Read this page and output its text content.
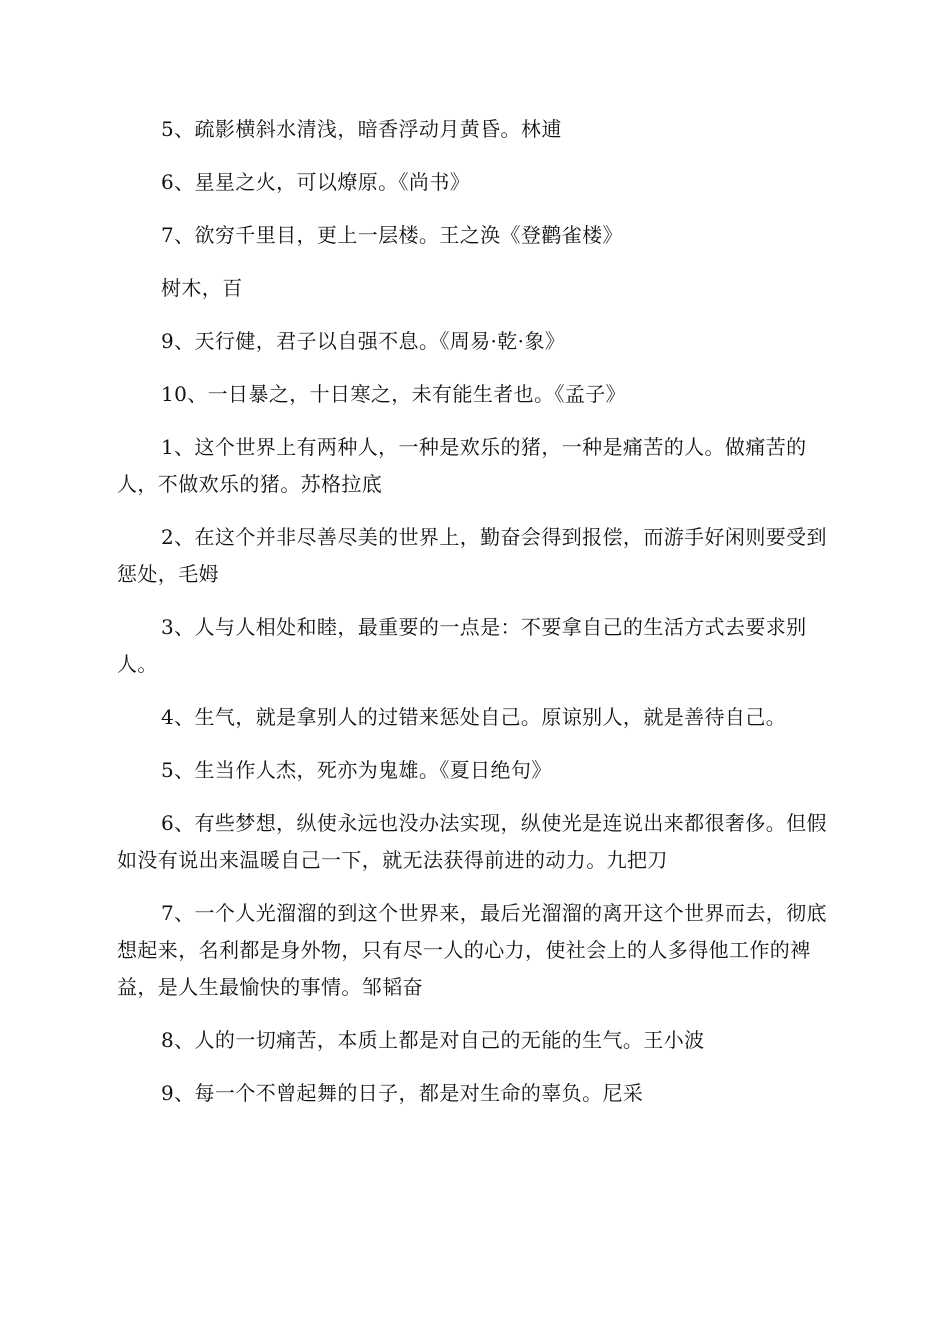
5、疏影横斜水清浅，暗香浮动月黄昏。林逋

6、星星之火，可以燎原。《尚书》

7、欲穷千里目，更上一层楼。王之涣《登鹳雀楼》

树木，百

9、天行健，君子以自强不息。《周易·乾·象》

10、一日暴之，十日寒之，未有能生者也。《孟子》

1、这个世界上有两种人，一种是欢乐的猪，一种是痛苦的人。做痛苦的人，不做欢乐的猪。苏格拉底

2、在这个并非尽善尽美的世界上，勤奋会得到报偿，而游手好闲则要受到惩处，毛姆

3、人与人相处和睦，最重要的一点是：不要拿自己的生活方式去要求别人。

4、生气，就是拿别人的过错来惩处自己。原谅别人，就是善待自己。

5、生当作人杰，死亦为鬼雄。《夏日绝句》

6、有些梦想，纵使永远也没办法实现，纵使光是连说出来都很奢侈。但假如没有说出来温暖自己一下，就无法获得前进的动力。九把刀

7、一个人光溜溜的到这个世界来，最后光溜溜的离开这个世界而去，彻底想起来，名利都是身外物，只有尽一人的心力，使社会上的人多得他工作的裨益，是人生最愉快的事情。邹韬奋

8、人的一切痛苦，本质上都是对自己的无能的生气。王小波

9、每一个不曾起舞的日子，都是对生命的辜负。尼采
